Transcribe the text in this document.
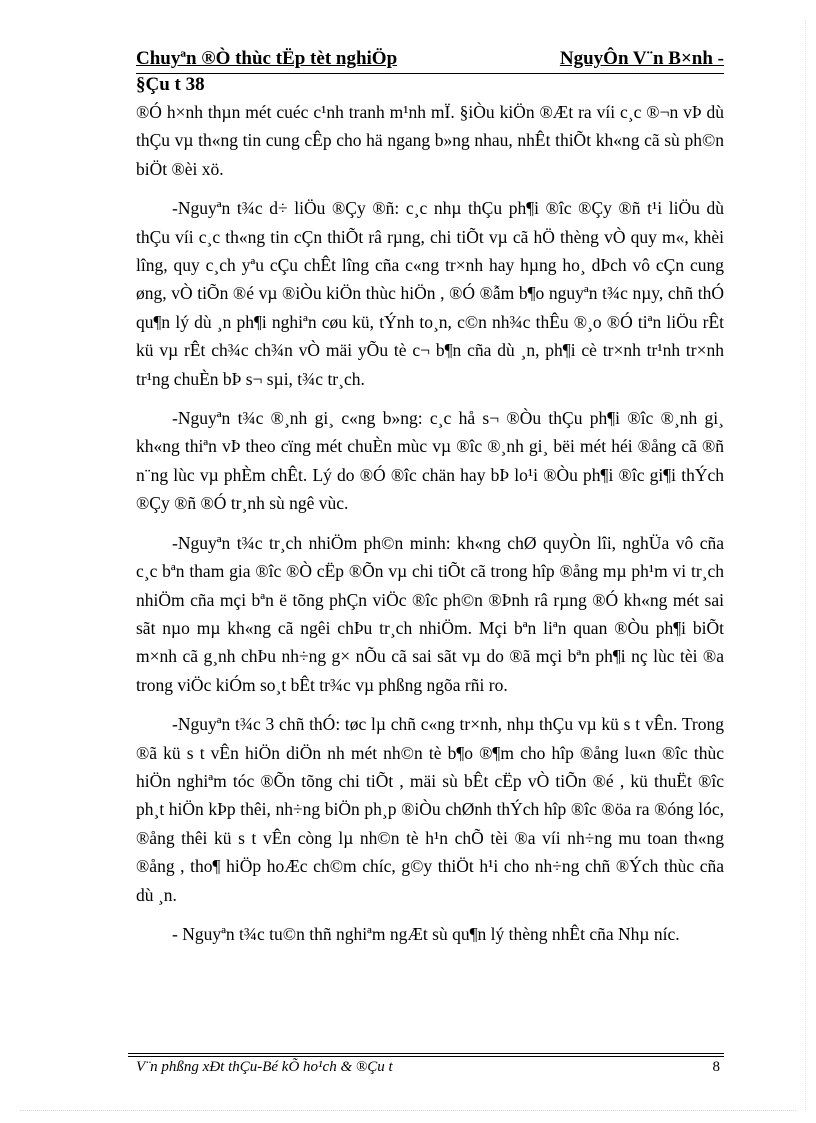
Chuyªn ®Ò thùc tËp tèt nghiÖp	NguyÔn V¨n B×nh -
§Çu t 38

®Ó h×nh thµn mét cuéc c¹nh tranh m¹nh mÏ. §iÒu kiÖn ®Æt ra víi c¸c ®¬n vÞ dù thÇu vµ th«ng tin cung cÊp cho hä ngang b»ng nhau, nhÊt thiÕt kh«ng cã sù ph©n biÖt ®èi xö.

-Nguyªn t¾c d÷ liÖu ®Çy ®ñ: c¸c nhµ thÇu ph¶i ®îc ®Çy ®ñ t¹i liÖu dù thÇu víi c¸c th«ng tin cÇn thiÕt râ rµng, chi tiÕt vµ cã hÖ thèng vÒ quy m«, khèi lîng, quy c¸ch yªu cÇu chÊt lîng cña c«ng tr×nh hay hµng ho¸ dÞch vô cÇn cung øng, vÒ tiÕn ®é vµ ®iÒu kiÖn thùc hiÖn , ®Ó ®ẫm b¶o nguyªn t¾c nµy, chñ thÓ qu¶n lý dù ¸n ph¶i nghiªn cøu kü, tÝnh to¸n, c©n nh¾c thÊu ®¸o ®Ó tiªn liÖu rÊt kü vµ rÊt ch¾c ch¾n vÒ mäi yÕu tè c¬ b¶n cña dù ¸n, ph¶i cè tr×nh tr¹nh tr×nh tr¹ng chuÈn bÞ s¬ sµi, t¾c tr¸ch.

-Nguyªn t¾c ®¸nh gi¸ c«ng b»ng: c¸c hå s¬ ®Òu thÇu ph¶i ®îc ®¸nh gi¸ kh«ng thiªn vÞ theo cïng mét chuÈn mùc vµ ®îc ®¸nh gi¸ bëi mét héi ®ång cã ®ñ n¨ng lùc vµ phÈm chÊt. Lý do ®Ó ®îc chän hay bÞ lo¹i ®Òu ph¶i ®îc gi¶i thÝch ®Çy ®ñ ®Ó tr¸nh sù ngê vùc.

-Nguyªn t¾c tr¸ch nhiÖm ph©n minh: kh«ng chØ quyÒn lîi, nghÜa vô cña c¸c bªn tham gia ®îc ®Ò cËp ®Õn vµ chi tiÕt cã trong hîp ®ång mµ ph¹m vi tr¸ch nhiÖm cña mçi bªn ë tõng phÇn viÖc ®îc ph©n ®Þnh râ rµng ®Ó kh«ng mét sai sãt nµo mµ kh«ng cã ngêi chÞu tr¸ch nhiÖm. Mçi bªn liªn quan ®Òu ph¶i biÕt m×nh cã g¸nh chÞu nh÷ng g× nÕu cã sai sãt vµ do ®ã mçi bªn ph¶i nç lùc tèi ®a trong viÖc kiÓm so¸t bÊt tr¾c vµ phßng ngõa rñi ro.

-Nguyªn t¾c 3 chñ thÓ: tøc lµ chñ c«ng tr×nh, nhµ thÇu vµ kü s t vÊn. Trong ®ã kü s t vÊn hiÖn diÖn nh mét nh©n tè b¶o ®¶m cho hîp ®ång lu«n ®îc thùc hiÖn nghiªm tóc ®Õn tõng chi tiÕt , mäi sù bÊt cËp vÒ tiÕn ®é , kü thuËt ®îc ph¸t hiÖn kÞp thêi, nh÷ng biÖn ph¸p ®iÒu chØnh thÝch hîp ®îc ®öa ra ®óng lóc, ®ång thêi kü s t vÊn còng lµ nh©n tè h¹n chÕ tèi ®a víi nh÷ng mu toan th«ng ®ång , tho¶ hiÖp hoÆc ch©m chíc, g©y thiÖt h¹i cho nh÷ng chñ ®Ých thùc cña dù ¸n.

- Nguyªn t¾c tu©n thñ nghiªm ngÆt sù qu¶n lý thèng nhÊt cña Nhµ níc.

V¨n phßng xĐt thÇu-Bé kÕ ho¹ch & ®Çu t	8
